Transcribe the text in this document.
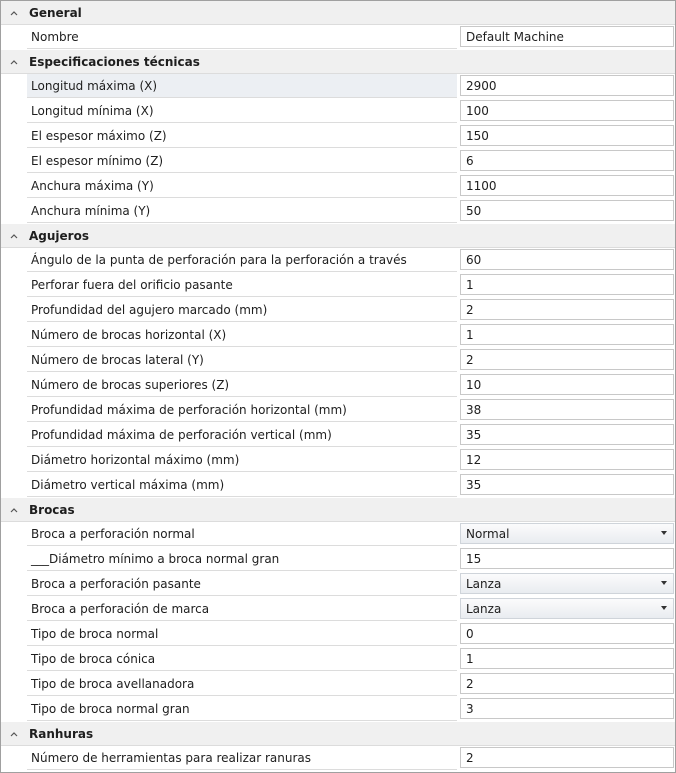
General
Nombre	Default Machine
Especificaciones técnicas
Longitud máxima (X)	2900
Longitud mínima (X)	100
El espesor máximo (Z)	150
El espesor mínimo (Z)	6
Anchura máxima (Y)	1100
Anchura mínima (Y)	50
Agujeros
Ángulo de la punta de perforación para la perforación a través	60
Perforar fuera del orificio pasante	1
Profundidad del agujero marcado (mm)	2
Número de brocas horizontal (X)	1
Número de brocas lateral (Y)	2
Número de brocas superiores (Z)	10
Profundidad máxima de perforación horizontal (mm)	38
Profundidad máxima de perforación vertical (mm)	35
Diámetro horizontal máximo (mm)	12
Diámetro vertical máxima (mm)	35
Brocas
Broca a perforación normal	Normal
___Diámetro mínimo a broca normal gran	15
Broca a perforación pasante	Lanza
Broca a perforación de marca	Lanza
Tipo de broca normal	0
Tipo de broca cónica	1
Tipo de broca avellanadora	2
Tipo de broca normal gran	3
Ranhuras
Número de herramientas para realizar ranuras	2
